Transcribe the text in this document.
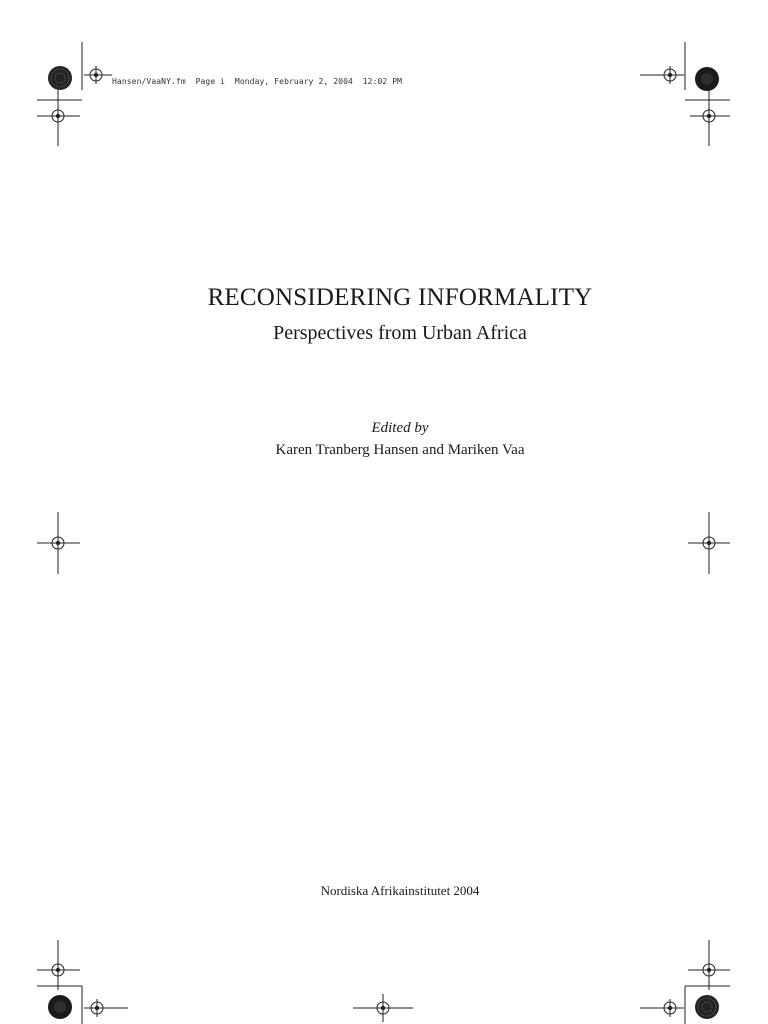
Hansen/VaaNY.fm  Page i  Monday, February 2, 2004  12:02 PM
RECONSIDERING INFORMALITY
Perspectives from Urban Africa
Edited by
Karen Tranberg Hansen and Mariken Vaa
Nordiska Afrikainstitutet 2004
